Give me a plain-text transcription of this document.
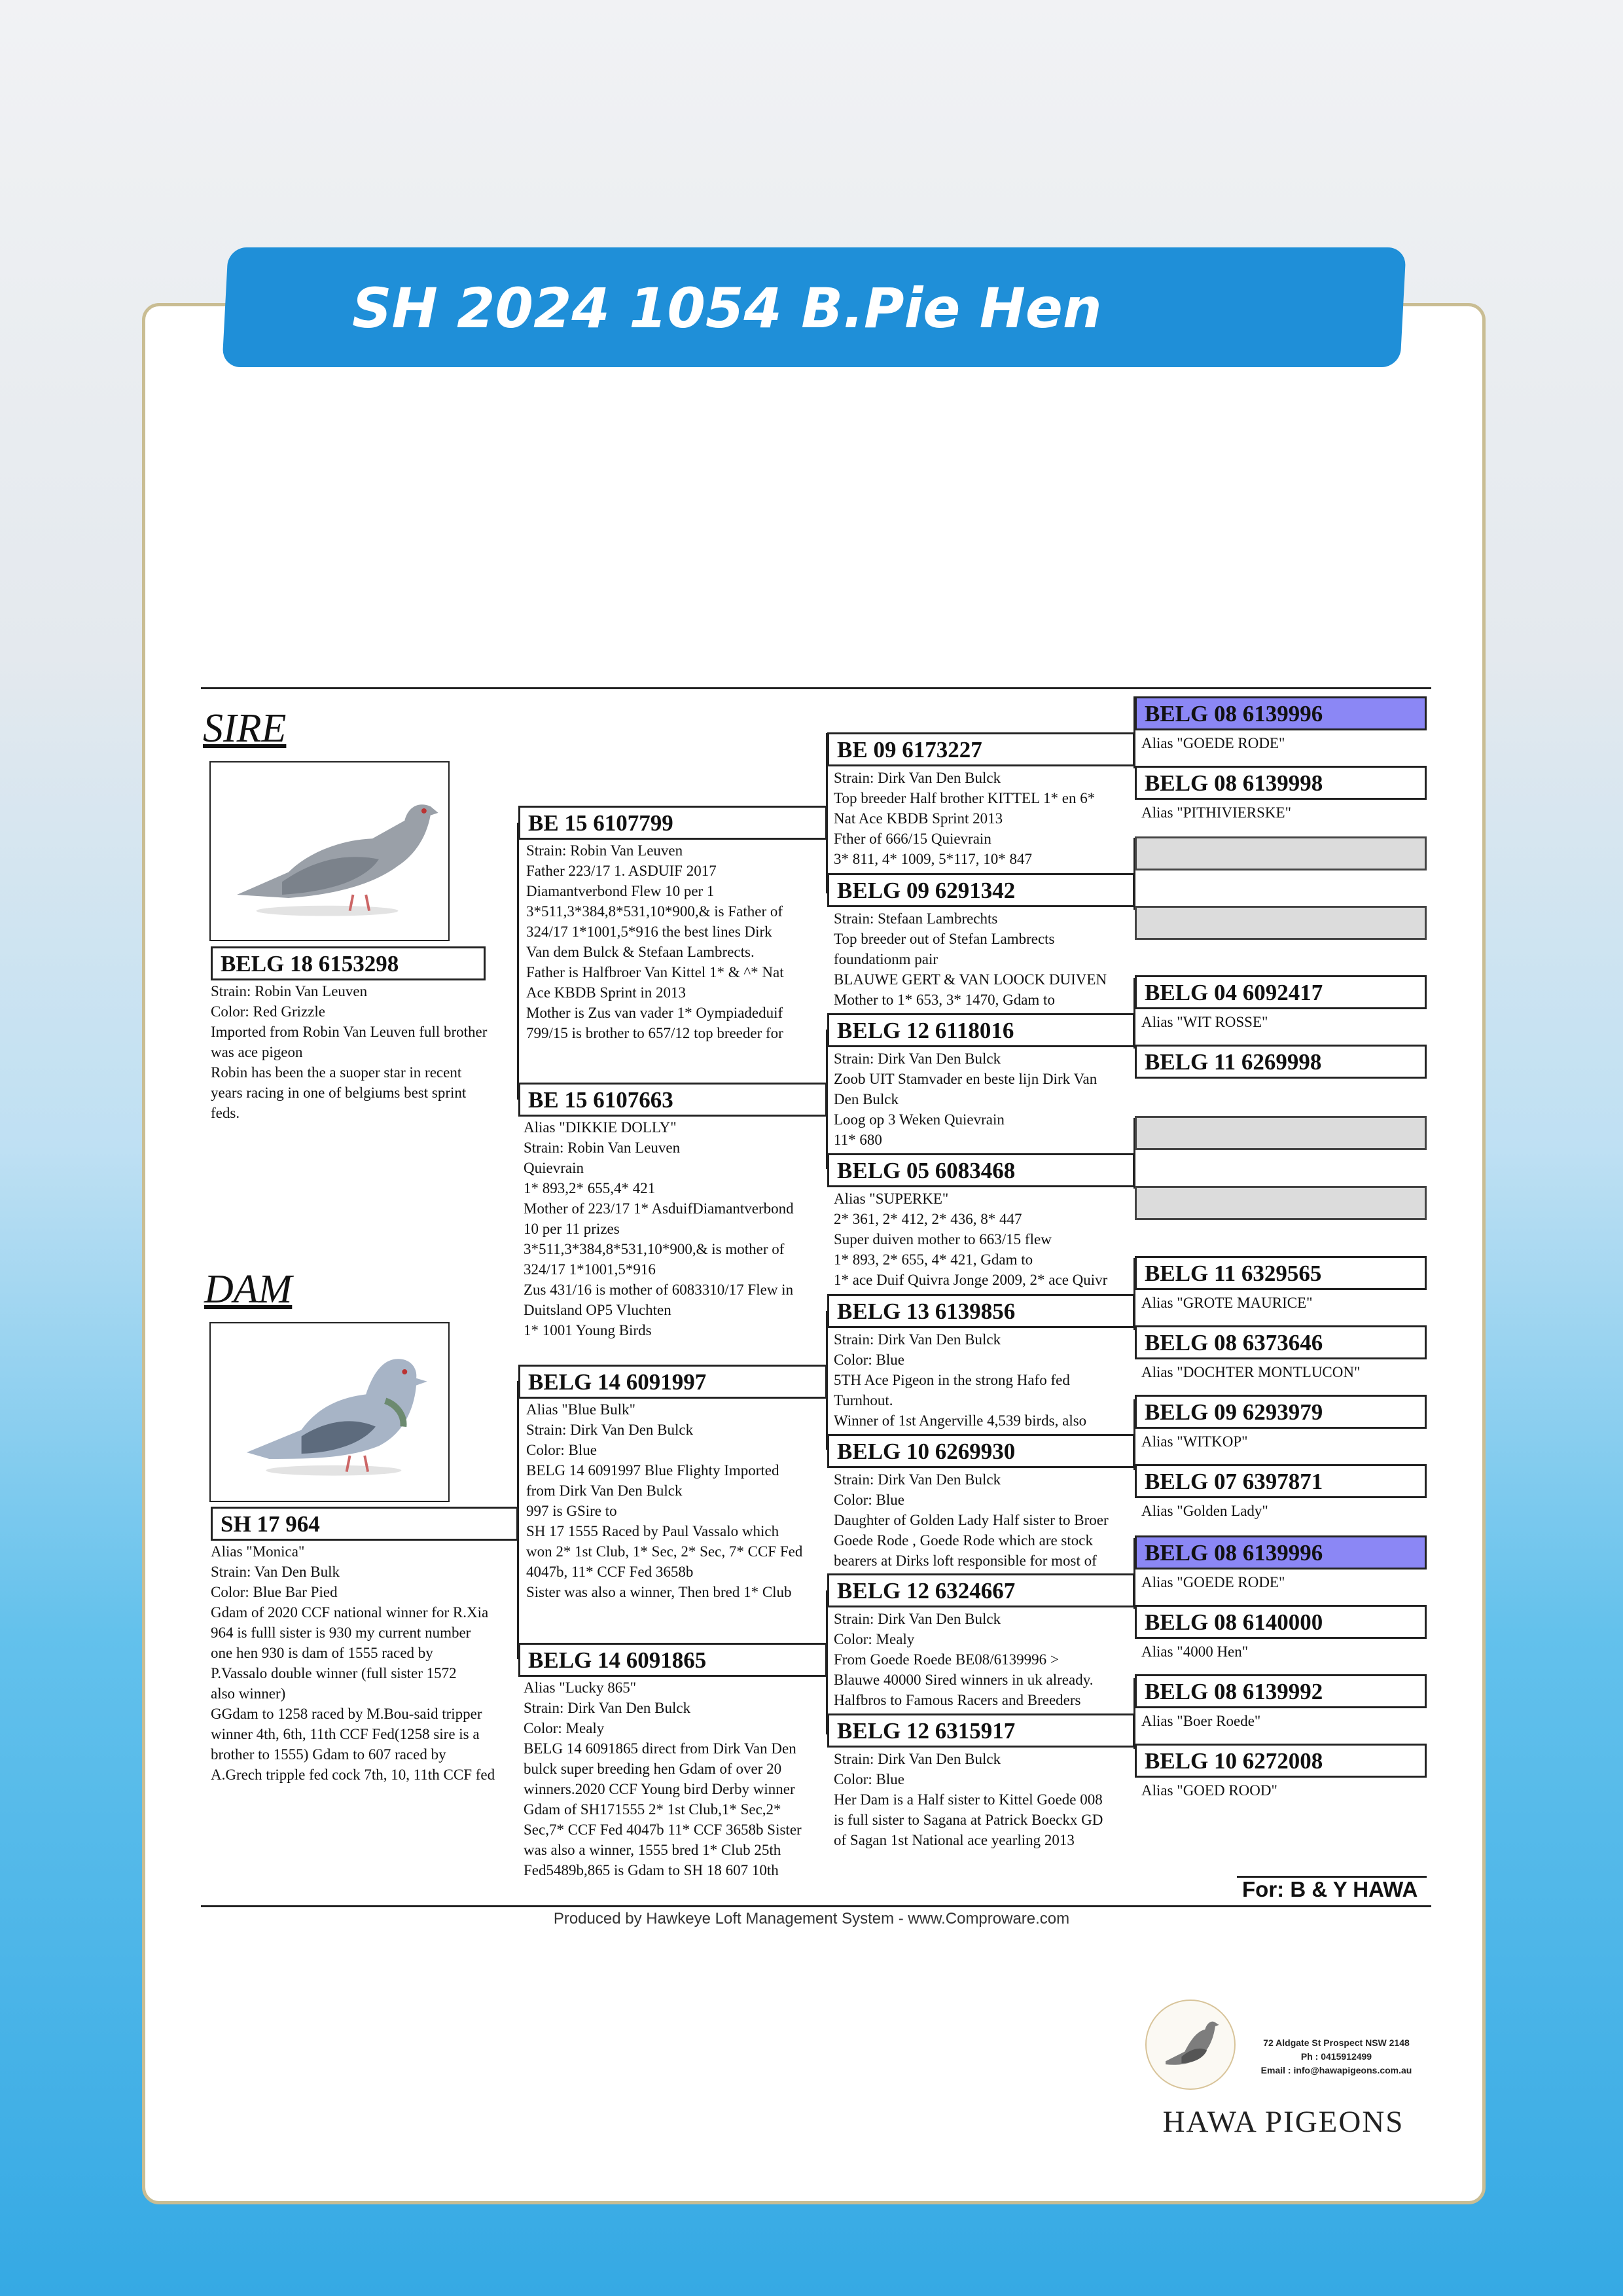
SH 2024 1054 B.Pie Hen
SIRE
BELG 18 6153298
Strain: Robin Van Leuven
Color: Red Grizzle
Imported from Robin Van Leuven full brother
was ace pigeon
Robin has been the a suoper star in recent
years racing in one of belgiums best sprint
feds.
DAM
SH 17 964
Alias "Monica"
Strain: Van Den Bulk
Color: Blue Bar Pied
Gdam of 2020 CCF national winner for R.Xia
964 is fulll sister is 930 my current number
one hen 930 is dam of 1555 raced by
P.Vassalo double winner (full sister 1572
also winner)
GGdam to 1258 raced by M.Bou-said tripper
winner 4th, 6th, 11th CCF Fed(1258 sire is a
brother to 1555) Gdam to 607 raced by
A.Grech tripple fed cock 7th, 10, 11th CCF fed
BE 15 6107799
Strain: Robin Van Leuven
Father 223/17 1. ASDUIF 2017
Diamantverbond Flew 10 per 1
3*511,3*384,8*531,10*900,& is Father of
324/17 1*1001,5*916 the best lines Dirk
Van dem Bulck & Stefaan Lambrects.
Father is Halfbroer Van Kittel 1* & ^* Nat
Ace KBDB Sprint in 2013
Mother is Zus van vader 1* Oympiadeduif
799/15 is brother to 657/12 top breeder for
BE 15 6107663
Alias "DIKKIE DOLLY"
Strain: Robin Van Leuven
Quievrain
1* 893,2* 655,4* 421
Mother of 223/17 1* AsduifDiamantverbond
10 per 11 prizes
3*511,3*384,8*531,10*900,& is mother of
324/17 1*1001,5*916
Zus 431/16 is mother of 6083310/17 Flew in
Duitsland OP5 Vluchten
1* 1001 Young Birds
BELG 14 6091997
Alias "Blue Bulk"
Strain: Dirk Van Den Bulck
Color: Blue
BELG 14 6091997 Blue Flighty Imported
from Dirk Van Den Bulck
997 is GSire to
SH 17 1555 Raced by Paul Vassalo which
won 2* 1st Club, 1* Sec, 2* Sec, 7* CCF Fed
4047b, 11* CCF Fed 3658b
Sister was also a winner, Then bred 1* Club
BELG 14 6091865
Alias "Lucky 865"
Strain: Dirk Van Den Bulck
Color: Mealy
BELG 14 6091865 direct from Dirk Van Den
bulck super breeding hen Gdam of over 20
winners.2020 CCF Young bird Derby winner
Gdam of SH171555 2* 1st Club,1* Sec,2*
Sec,7* CCF Fed 4047b 11* CCF 3658b Sister
was also a winner, 1555 bred 1* Club 25th
Fed5489b,865 is Gdam to SH 18 607 10th
BE 09 6173227
Strain: Dirk Van Den Bulck
Top breeder Half brother KITTEL 1* en 6*
Nat Ace KBDB Sprint 2013
Fther of 666/15 Quievrain
3* 811, 4* 1009, 5*117, 10* 847
BELG 09 6291342
Strain: Stefaan Lambrechts
Top breeder out of Stefan Lambrects
foundationm pair
BLAUWE GERT & VAN LOOCK DUIVEN
Mother to 1* 653, 3* 1470, Gdam to
BELG 12 6118016
Strain: Dirk Van Den Bulck
Zoob UIT Stamvader en beste lijn Dirk Van
Den Bulck
Loog op 3 Weken Quievrain
11* 680
BELG 05 6083468
Alias "SUPERKE"
2* 361, 2* 412, 2* 436, 8* 447
Super duiven mother to 663/15 flew
1* 893, 2* 655, 4* 421, Gdam to
1* ace Duif Quivra Jonge 2009, 2* ace Quivr
BELG 13 6139856
Strain: Dirk Van Den Bulck
Color: Blue
5TH Ace Pigeon in the strong Hafo fed
Turnhout.
Winner of 1st Angerville 4,539 birds, also
BELG 10 6269930
Strain: Dirk Van Den Bulck
Color: Blue
Daughter of Golden Lady Half sister to Broer
Goede Rode , Goede Rode which are stock
bearers at Dirks loft responsible for most of
BELG 12 6324667
Strain: Dirk Van Den Bulck
Color: Mealy
From Goede Roede BE08/6139996 >
Blauwe 40000 Sired winners in uk already.
Halfbros to Famous Racers and Breeders
BELG 12 6315917
Strain: Dirk Van Den Bulck
Color: Blue
Her Dam is a Half sister to Kittel Goede 008
is full sister to Sagana at Patrick Boeckx GD
of Sagan 1st National ace yearling 2013
BELG 08 6139996
Alias "GOEDE RODE"
BELG 08 6139998
Alias "PITHIVIERSKE"
BELG 04 6092417
Alias "WIT ROSSE"
BELG 11 6269998
BELG 11 6329565
Alias "GROTE MAURICE"
BELG 08 6373646
Alias "DOCHTER MONTLUCON"
BELG 09 6293979
Alias "WITKOP"
BELG 07 6397871
Alias "Golden Lady"
BELG 08 6139996
Alias "GOEDE RODE"
BELG 08 6140000
Alias "4000 Hen"
BELG 08 6139992
Alias "Boer Roede"
BELG 10 6272008
Alias "GOED ROOD"
For: B & Y HAWA
Produced by Hawkeye Loft Management System - www.Comproware.com
72 Aldgate St Prospect NSW 2148
Ph : 0415912499
Email : info@hawapigeons.com.au
HAWA PIGEONS
